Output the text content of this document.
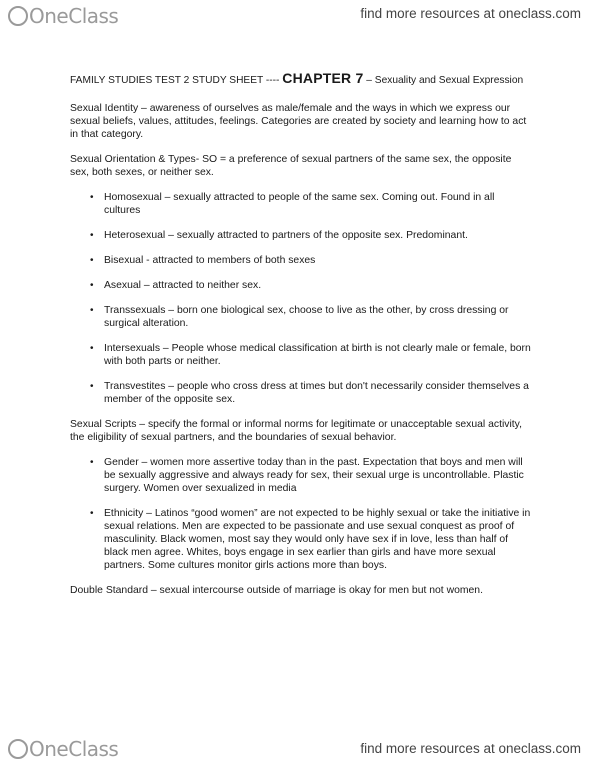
OneClass	find more resources at oneclass.com

FAMILY STUDIES TEST 2 STUDY SHEET ---- CHAPTER 7 – Sexuality and Sexual Expression

Sexual Identity – awareness of ourselves as male/female and the ways in which we express our sexual beliefs, values, attitudes, feelings. Categories are created by society and learning how to act in that category.

Sexual Orientation & Types- SO = a preference of sexual partners of the same sex, the opposite sex, both sexes, or neither sex.

• Homosexual – sexually attracted to people of the same sex. Coming out. Found in all cultures
• Heterosexual – sexually attracted to partners of the opposite sex. Predominant.
• Bisexual - attracted to members of both sexes
• Asexual – attracted to neither sex.
• Transsexuals – born one biological sex, choose to live as the other, by cross dressing or surgical alteration.
• Intersexuals – People whose medical classification at birth is not clearly male or female, born with both parts or neither.
• Transvestites – people who cross dress at times but don't necessarily consider themselves a member of the opposite sex.

Sexual Scripts – specify the formal or informal norms for legitimate or unacceptable sexual activity, the eligibility of sexual partners, and the boundaries of sexual behavior.

• Gender – women more assertive today than in the past. Expectation that boys and men will be sexually aggressive and always ready for sex, their sexual urge is uncontrollable. Plastic surgery. Women over sexualized in media
• Ethnicity – Latinos “good women” are not expected to be highly sexual or take the initiative in sexual relations. Men are expected to be passionate and use sexual conquest as proof of masculinity. Black women, most say they would only have sex if in love, less than half of black men agree. Whites, boys engage in sex earlier than girls and have more sexual partners. Some cultures monitor girls actions more than boys.

Double Standard – sexual intercourse outside of marriage is okay for men but not women.

OneClass	find more resources at oneclass.com
